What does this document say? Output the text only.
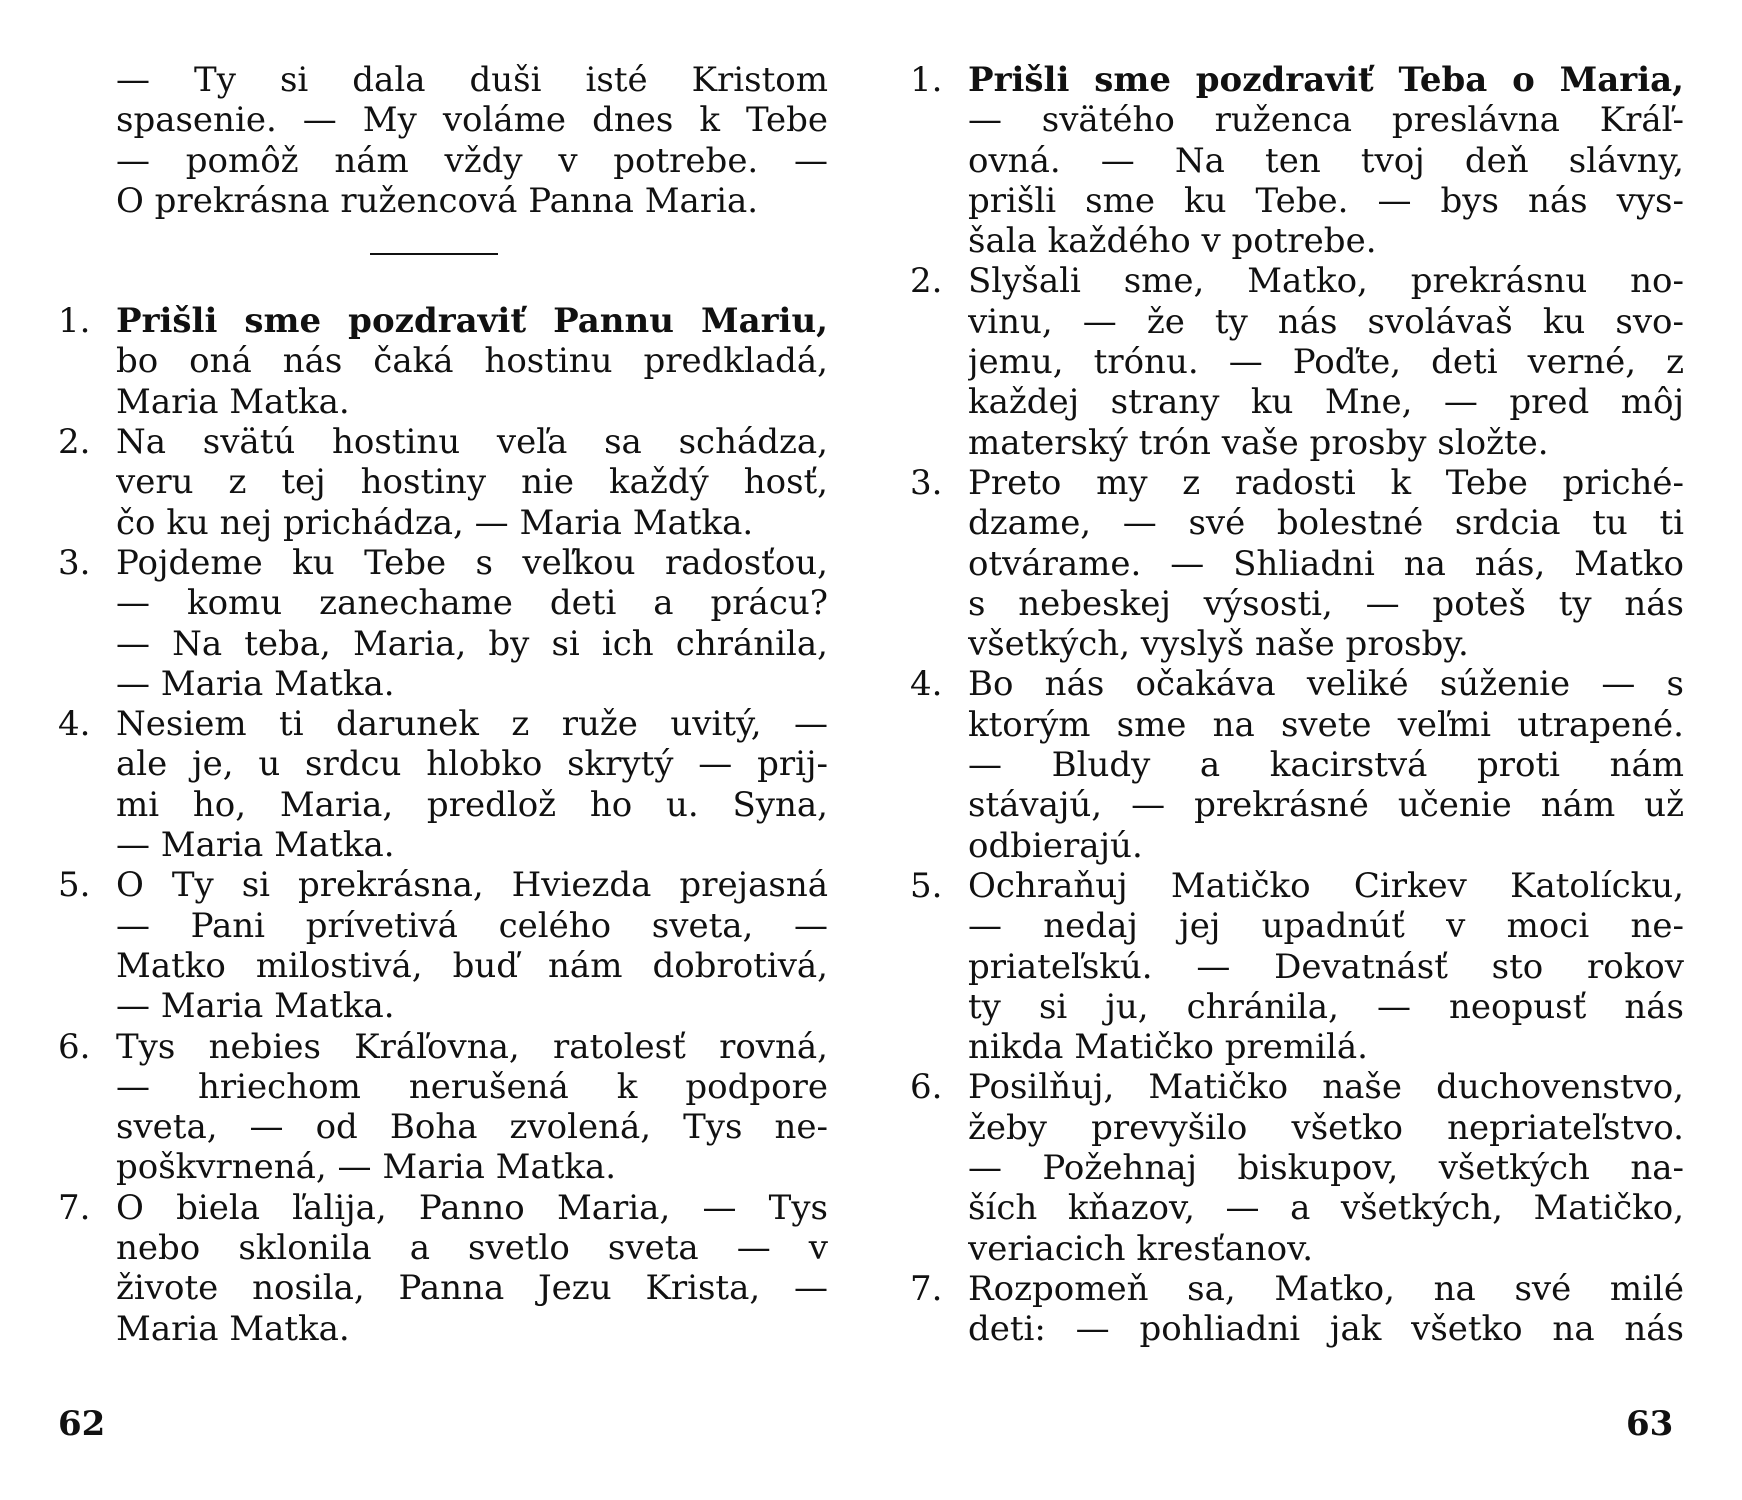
— Ty si dala duši isté Kristom
spasenie. — My voláme dnes k Tebe
— pomôž nám vždy v potrebe. —
O prekrásna ružencová Panna Maria.
1. Prišli sme pozdraviť Pannu Mariu,
bo oná nás čaká hostinu predkladá,
Maria Matka.
2. Na svätú hostinu veľa sa schádza,
veru z tej hostiny nie každý hosť,
čo ku nej prichádza, — Maria Matka.
3. Pojdeme ku Tebe s veľkou radosťou,
— komu zanechame deti a prácu?
— Na teba, Maria, by si ich chránila,
— Maria Matka.
4. Nesiem ti darunek z ruže uvitý, —
ale je, u srdcu hlobko skrytý — prij-
mi ho, Maria, predlož ho u. Syna,
— Maria Matka.
5. O Ty si prekrásna, Hviezda prejasná
— Pani prívetivá celého sveta, —
Matko milostivá, buď nám dobrotivá,
— Maria Matka.
6. Tys nebies Kráľovna, ratolesť rovná,
— hriechom nerušená k podpore
sveta, — od Boha zvolená, Tys ne-
poškvrnená, — Maria Matka.
7. O biela ľalija, Panno Maria, — Tys
nebo sklonila a svetlo sveta — v
živote nosila, Panna Jezu Krista, —
Maria Matka.
62
1. Prišli sme pozdraviť Teba o Maria,
— svätého ruženca preslávna Kráľ-
ovná. — Na ten tvoj deň slávny,
prišli sme ku Tebe. — bys nás vys-
šala každého v potrebe.
2. Slyšali sme, Matko, prekrásnu no-
vinu, — že ty nás svolávaš ku svo-
jemu, trónu. — Poďte, deti verné, z
každej strany ku Mne, — pred môj
materský trón vaše prosby složte.
3. Preto my z radosti k Tebe priché-
dzame, — své bolestné srdcia tu ti
otvárame. — Shliadni na nás, Matko
s nebeskej výsosti, — poteš ty nás
všetkých, vyslyš naše prosby.
4. Bo nás očakáva veliké súženie — s
ktorým sme na svete veľmi utrapené.
— Bludy a kacirstvá proti nám
stávajú, — prekrásné učenie nám už
odbierajú.
5. Ochraňuj Matičko Cirkev Katolícku,
— nedaj jej upadnúť v moci ne-
priateľskú. — Devatnásť sto rokov
ty si ju, chránila, — neopusť nás
nikda Matičko premilá.
6. Posilňuj, Matičko naše duchovenstvo,
žeby prevyšilo všetko nepriateľstvo.
— Požehnaj biskupov, všetkých na-
ších kňazov, — a všetkých, Matičko,
veriacich kresťanov.
7. Rozpomeň sa, Matko, na své milé
deti: — pohliadni jak všetko na nás
63
